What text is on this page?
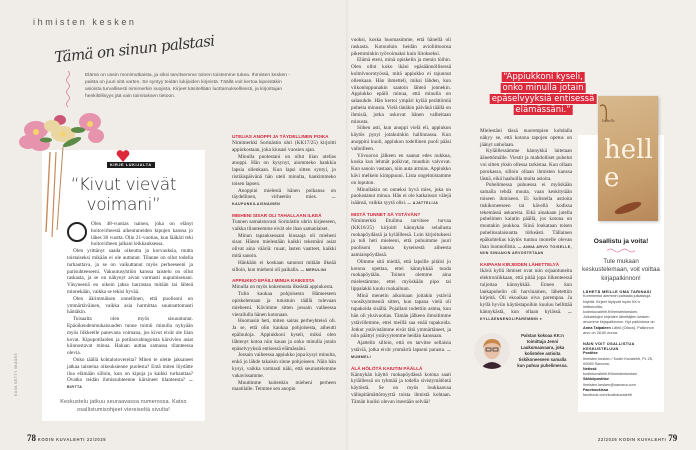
ihmisten kesken
Tämä on sinun palstasi
Elämä on usein monimutkaista, ja siksi tarvitsemme toinen toistemme tukea. Ihmisten kesken -palsta on juuri sitä varten. Se syntyy teidän lukijoiden kirjeistä. Täällä voit kertoa kipeistäkin asioista turvallisesti nimimerkin suojista. Kirjeet käsitellään luottamuksellisesti, ja kirjoittajan henkilöllisyys jää vain toimituksen tietoon.
KIRJE LUKIJALTA
“Kivut vievät voimani”

Olen 48-vuotias nainen, joka on elänyt hoitovirheestä aiheutuneiden kipujen kanssa jo lähes 30 vuotta. Olin 21-vuotias, kun lääkäri teki hoitovirheen jalkani leikkauksessa.

Olen yrittänyt saada oikeutta ja korvauksia, mutta toistaiseksi mikään ei ole auttanut. Tilanne on ollut todella turhauttava, ja se on vaikuttanut myös perheeseeni ja parisuhteeseeni. Vakuutusyhtiön kanssa taistelu on ollut raskasta, ja se on näkynyt aivan varmasti uupumisenani. Väsyneenä en oikein jaksa harrastaa mitään tai lähteä minnekään, vaikka se tekisi hyvää.

Olen äärimmäisen onnellinen, että puolisoni on ymmärtäväinen, vaikka asia harmittaa suunnattomasti häntäkin.

Toisaalta olen myös sisuuntunut. Epäoikeudenmukaisuuden tunne toimii minulla nykyään myös liikkeelle panevana voimana, jos kivut eivät ole liian kovat. Kipupotilaiden ja potilasvahingoista kärsivien asiat kiinnostavat minua. Haluan auttaa samassa tilanteessa olevia.

Onko täällä kohtalotovereita? Miten te olette jaksaneet jatkaa taistelua oikeuksienne puolesta? Entä miten löydätte iloa elämään silloin, kun on kipuja ja kaikki turhauttaa? Ovatko teidän ihmissuhteenne kärsineet tilanteesta? — BIRTTA

Keskustelu jatkuu seuraavassa numerossa. Katso osallistumisohjeet viereiseltä sivulta!
KUVA GETTY IMAGES
78 KODIN KUVALEHTI 22/2025
UTELIAS ANOPPI JA TÄYDELLINEN POIKA

Nimimerkki Sorinästin uhri (KK17/25) kirjoitti appiukostaan, joka kiusasi vuosien ajan.

Minulla puolestani on ollut liian utelias anoppi. Hän on kysynyt, aiommeko hankkia lapsia ollenkaan. Kun lapsi sitten syntyi, jo ristiäispäivänä hän uteli minulta, hankimmeko toisen lapsen.

Anoppini mielestä hänen poikansa on täydellinen, virheetön mies.	— KAUPUNKILAISNAINEN

MIEHENI SISAR OLI TAHALLAAN ILKEÄ

Tunnen samaistuvani Sorinästin uhrin kirjeeseen, vaikka tilanteemme eivät ole ihan samanlaiset.

Minun tapauksessani kiusaaja oli mieheni sisar. Hänen mielestään kaikki tekemäni asiat olivat aina vääriä: ruuat, lasten vaatteet, kaikki mitä sanoin.

Hänkään ei koskaan sanonut mitään ilkeää silloin, kun mieheni oli paikalla. — MERULINI

APPIUKKO EPÄILI MINUA KAIKESTA

Minulla on myös kokemusta ilkeästä appiukosta.

Tulin kaukaa pohjoisesta Hämeeseen opiskelemaan ja tutustuin täällä tulevaan mieheeni. Kävimme sitten jossain vaiheessa vierailulla hänen kotonaan.

Huomasin heti, miten sairas perheyhteisö oli. Ja se, että olin kaukaa pohjoisesta, aiheutti epäluuloja. Appiukkoni kyseli, miksi olen lähtenyt kotoa niin kauas ja onko minulla jotain epäselvyyksiä entisessä elämässäni.

Jossain vaiheessa appiukko jopa kysyi minulta, enkö jo lähde takaisin sinne pohjoiseen. Näin hän kysyi, vaikka varmasti näki, että seurustelemme vakavissamme.

Muutimme kuitenkin mieheni perheen maatilalle. Teimme sen anopin

vuoksi, koska huomasimme, että hänellä oli raskasta. Kotouduin heidän avioliittoonsa pikemminkin työvoimaksi kuin liitokseksi.

Elämä eteni, minä opiskelin ja menin töihin. Olen ollut koko ikäni epäsäännöllisessä kolmivuorotyössä, mitä appiukko ei tajunnut ollenkaan. Hän ihmetteli, miksi lähden, kun viikonloppunakin saatoin lähteä jonnekin. Appiukko epäili minua, että minulla on salasuhde. Hän kertoi ympäri kylää perättömiä puheita minusta. Vielä tänäkin päivänä täällä on ihmisiä, jotka uskovat hänen valheitaan minusta.

Siihen asti, kun anoppi vielä eli, appiukon käytös pysyi jotakuinkin hallinnassa. Kun anoppini kuoli, appiukon todellinen puoli pääsi valloilleen.

Yövuoron jälkeen en saanut edes nukkua, koska kun lehmät poikivat, muutkin valvovat. Kun sanoin vastaan, niin auta armias. Appiukko kävi melkein kimppuuni. Lista ongelmistamme on loputon.

Minullakin on onneksi hyvä mies, joka on puolustanut minua. Hän ei ole katkaissut välejä isäänsä, vaikka syytä olisi. — AJATTELIJA

MISTÄ TUNNET SÄ YSTÄVÄN?

Nimimerkki Etuilma tarvitsee turvaa (KK16/25) kirjoitti kännykän selailusta ruokapöydässä ja kyläillessä. Luin kirjoituksesi ja tuli heti mieleeni, että puhuimme juuri puolisoni kanssa kyseisestä aiheesta aamiaispöydässä.

Olimme sitä mieltä, että lapsille pitäisi jo kotona opettaa, ettei kännykkää tuoda ruokapöytään. Toinen olemme aina mielestämme, ettei myöskään pipo tai lippalakki kuulu ruokailuun.

Minä menetin aikoinaan joitakin ystäviä vuosikymmeniä sitten, kun tapana vielä oli tupakoida sisällä. Pojallani todettiin astma, kun hän oli yksivuotias. Tämän jälkeen ilmoitimme ystävillemme, ettei meillä saa enää tupakoida. Jotkut ystävistämme eivät tätä ymmärtäneet, ja niin päättyi ystävyytemme heidän kanssaan.

Ajattelin silloin, että en tarvitse sellaisia ystäviä, jotka eivät ymmärrä lapseni parasta. — MUMMELI

ÄLÄ HÖLÖTÄ KAIUTIN PÄÄLLÄ

Kännykän käyttö ruokapöydässä kotona saati kyläillessä on tyhmää ja todella sivistymätöntä käytöstä. Se on myös loukkaavaa välinpitämättömyyttä toista ihmistä kohtaan. Tämän luulisi olevan itsestään selvää!

“Appiukkoni kyseli,
onko minulla jotain
epäselvyyksiä entisessä
elämässäni.”

Mielestäni tässä nuorempien kohdalla näkyy se, että kotona tapojen opetus on jäänyt unholaan.

Kyläillessämme kännykkä laitetaan äänettömälle. Viestit ja mahdolliset puhelut voi sitten yksin ollessa tarkistaa. Kun ollaan porukassa, silloin ollaan ihmisten kanssa läsnä, eikä haahuilla muita asioita.

Puhelimessa puhuessa ei myöskään samalla tehdä muuta, vaan keskitytään toiseen ihmiseen. Ei kolistella astioita tiskikoneeseen tai kävellä kodissa tekemässä askareita. Eikä ainakaan jutella puhelimen kaiutin päällä, jos kotona on muutakin joukkoa. Siinä loukataan toisen puhelinsalaisuutta törkeästi. Tällainen epäkohtelias käytös tuntuu monelle olevan ihan luonnollista. — ANNA ARVO TOISELLE, NIIN SINUAKIN ARVOSTETAAN

KAIPAAN KIRJEIDEN LÄHETTELYÄ

Ikävä kyllä ihmiset ovat niin orjaantuneita elektroniikkaan, että pitää jopa liikenteessä tuijottaa kännykkää. Ennen kun lankapuhelin oli harvinainen, lähetettiin kirjeitä. Oli ekoaikaa oiva parempaa. Ja kyllä hyviin käytöstapoihin kuuluu hellittää kännykästä, kun ollaan kylässä. — KYLLÄENNENOLIPAREMMIN ●

Palstan kokoaa KK:n toimittaja Jenni Laukumaavaara, joka kolistelee astioita tiskikoneeseen samalla kun puhuu puhelimessa.
Isabelle
helle
Osallistu ja voita!
Tule mukaan keskustelemaan, voit voittaa kirjapalkinnon!
LÄHETÄ MEILLE OMA TARINASI
Kommentoi aiemmin palstalla julkaistuja kirjeitä. Kirjeet löytyvät myös KK:n nettisivuilta, kodinkuvalehti.fi/ihmistenkesken. Julkaistujen kirjeiden lähettäjien kesken arvomme kirjapalkinnon. Nyt palkintona on Anna Talpaleen Lähtö (Otava). Palkinnon arvo on 28,60 euroa.
NÄIN VOIT OSALLISTUA KESKUSTELUUN
Postitse
Ihmisten kesken / Kodin Kuvalehti, PL 25, 00089 Sanoma.
Netissä
kodinkuvalehti.fi/ihmistenkesken
Sähköpostitse
ihmisten.kesken@sanoma.com
Facebookissa
facebook.com/kodinkuvalehti
22/2025 KODIN KUVALEHTI 79
